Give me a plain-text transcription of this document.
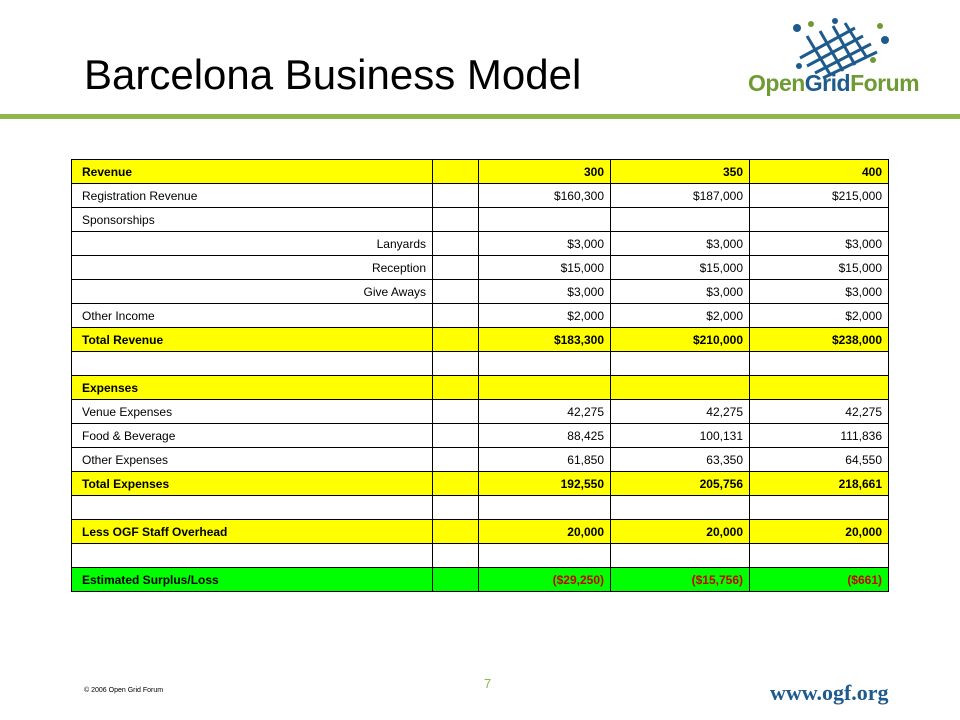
Barcelona Business Model	OpenGridForum
Revenue		300	350	400
Registration Revenue		$160,300	$187,000	$215,000
Sponsorships				
Lanyards		$3,000	$3,000	$3,000
Reception		$15,000	$15,000	$15,000
Give Aways		$3,000	$3,000	$3,000
Other Income		$2,000	$2,000	$2,000
Total Revenue		$183,300	$210,000	$238,000

Expenses				
Venue Expenses		42,275	42,275	42,275
Food & Beverage		88,425	100,131	111,836
Other Expenses		61,850	63,350	64,550
Total Expenses		192,550	205,756	218,661

Less OGF Staff Overhead		20,000	20,000	20,000

Estimated Surplus/Loss		($29,250)	($15,756)	($661)
© 2006 Open Grid Forum	7	www.ogf.org
